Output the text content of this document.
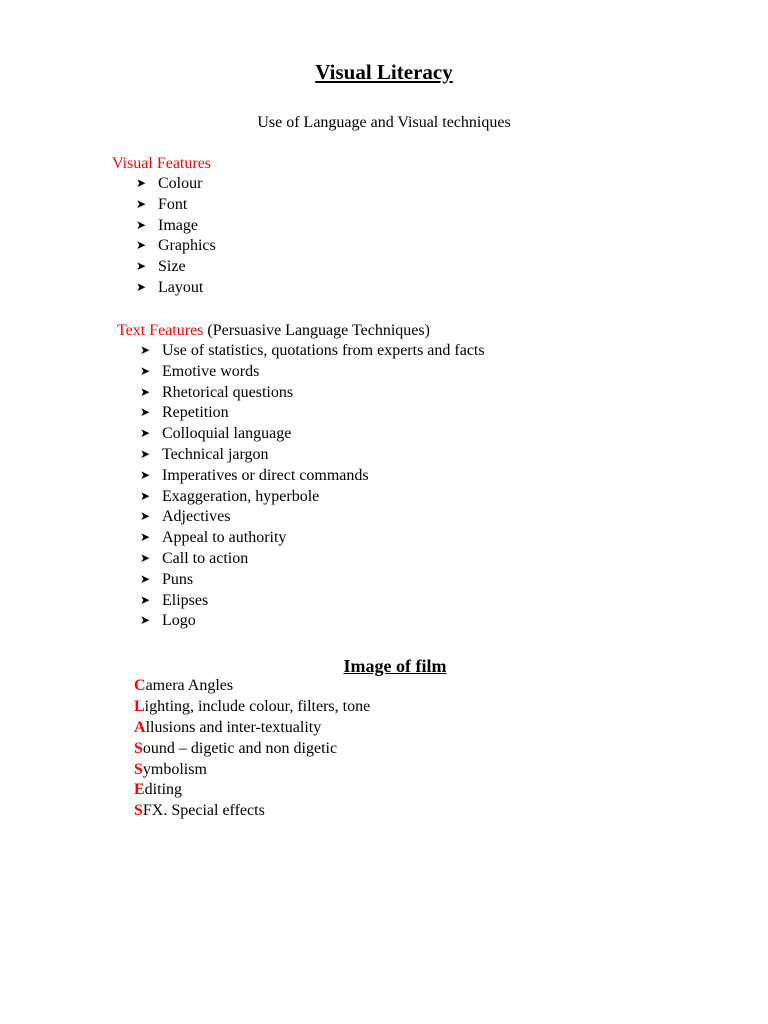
Visual Literacy
Use of Language and Visual techniques
Visual Features
➤ Colour
➤ Font
➤ Image
➤ Graphics
➤ Size
➤ Layout
Text Features (Persuasive Language Techniques)
➤ Use of statistics, quotations from experts and facts
➤ Emotive words
➤ Rhetorical questions
➤ Repetition
➤ Colloquial language
➤ Technical jargon
➤ Imperatives or direct commands
➤ Exaggeration, hyperbole
➤ Adjectives
➤ Appeal to authority
➤ Call to action
➤ Puns
➤ Elipses
➤ Logo
Image of film
Camera Angles
Lighting, include colour, filters, tone
Allusions and inter-textuality
Sound – digetic and non digetic
Symbolism
Editing
SFX. Special effects
